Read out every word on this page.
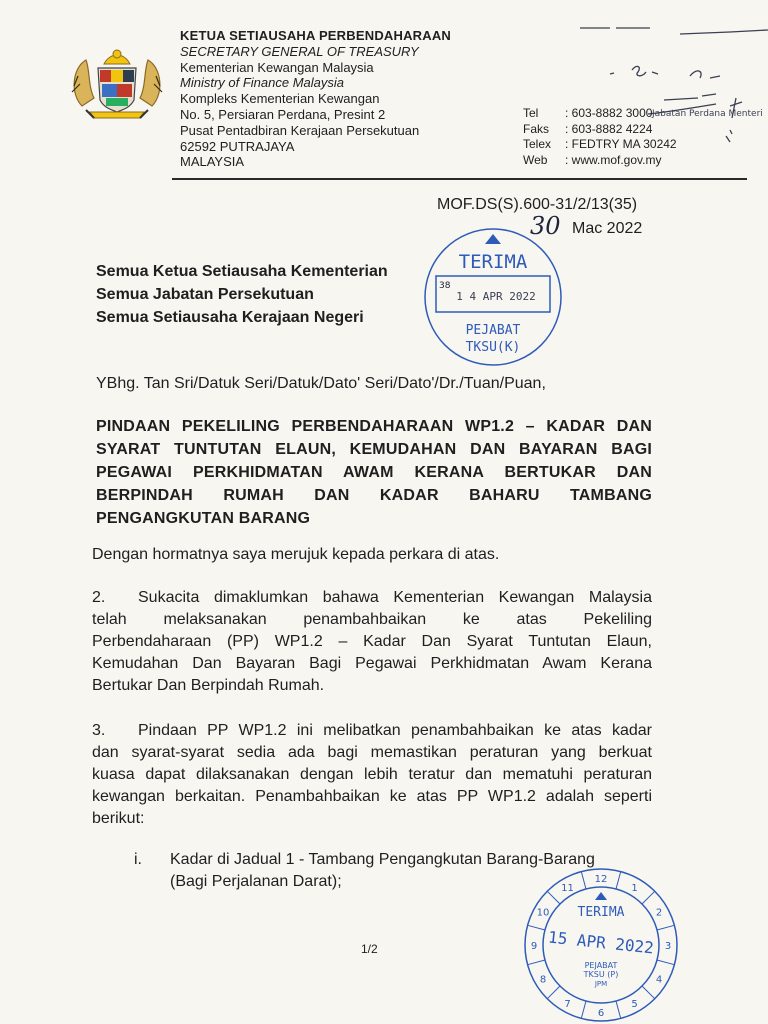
KETUA SETIAUSAHA PERBENDAHARAAN
SECRETARY GENERAL OF TREASURY
Kementerian Kewangan Malaysia
Ministry of Finance Malaysia
Kompleks Kementerian Kewangan
No. 5, Persiaran Perdana, Presint 2
Pusat Pentadbiran Kerajaan Persekutuan
62592 PUTRAJAYA
MALAYSIA
Jabatan Perdana Menteri
Tel	: 603-8882 3000
Faks	: 603-8882 4224
Telex	: FEDTRY MA 30242
Web	: www.mof.gov.my
MOF.DS(S).600-31/2/13(35)
30 Mac 2022
Semua Ketua Setiausaha Kementerian
Semua Jabatan Persekutuan
Semua Setiausaha Kerajaan Negeri
TERIMA
38
1 4 APR 2022
PEJABAT
TKSU(K)
YBhg. Tan Sri/Datuk Seri/Datuk/Dato' Seri/Dato'/Dr./Tuan/Puan,
PINDAAN PEKELILING PERBENDAHARAAN WP1.2 – KADAR DAN
SYARAT TUNTUTAN ELAUN, KEMUDAHAN DAN BAYARAN BAGI
PEGAWAI PERKHIDMATAN AWAM KERANA BERTUKAR DAN
BERPINDAH RUMAH DAN KADAR BAHARU TAMBANG
PENGANGKUTAN BARANG
Dengan hormatnya saya merujuk kepada perkara di atas.
2. Sukacita dimaklumkan bahawa Kementerian Kewangan Malaysia
telah melaksanakan penambahbaikan ke atas Pekeliling
Perbendaharaan (PP) WP1.2 – Kadar Dan Syarat Tuntutan Elaun,
Kemudahan Dan Bayaran Bagi Pegawai Perkhidmatan Awam Kerana
Bertukar Dan Berpindah Rumah.
3. Pindaan PP WP1.2 ini melibatkan penambahbaikan ke atas kadar
dan syarat-syarat sedia ada bagi memastikan peraturan yang berkuat
kuasa dapat dilaksanakan dengan lebih teratur dan mematuhi peraturan
kewangan berkaitan. Penambahbaikan ke atas PP WP1.2 adalah seperti
berikut:
i. Kadar di Jadual 1 - Tambang Pengangkutan Barang-Barang
(Bagi Perjalanan Darat);
1/2
1
2
3
4
5
6
7
8
9
10
11
12
TERIMA
15 APR 2022
PEJABAT
TKSU (P)
JPM
